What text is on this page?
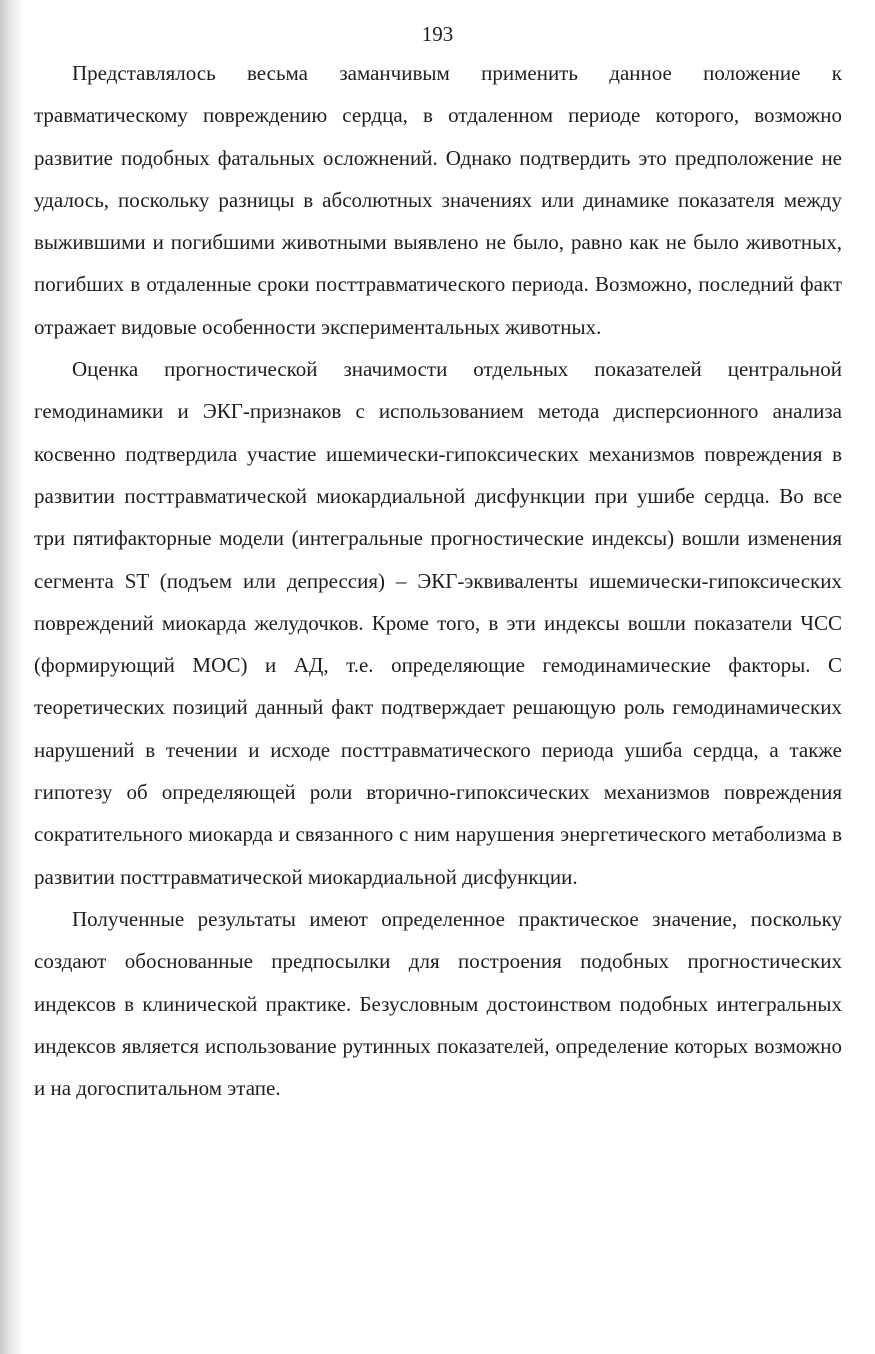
193

Представлялось весьма заманчивым применить данное положение к травматическому повреждению сердца, в отдаленном периоде которого, возможно развитие подобных фатальных осложнений. Однако подтвердить это предположение не удалось, поскольку разницы в абсолютных значениях или динамике показателя между выжившими и погибшими животными выявлено не было, равно как не было животных, погибших в отдаленные сроки посттравматического периода. Возможно, последний факт отражает видовые особенности экспериментальных животных.

Оценка прогностической значимости отдельных показателей центральной гемодинамики и ЭКГ-признаков с использованием метода дисперсионного анализа косвенно подтвердила участие ишемически-гипоксических механизмов повреждения в развитии посттравматической миокардиальной дисфункции при ушибе сердца. Во все три пятифакторные модели (интегральные прогностические индексы) вошли изменения сегмента ST (подъем или депрессия) – ЭКГ-эквиваленты ишемически-гипоксических повреждений миокарда желудочков. Кроме того, в эти индексы вошли показатели ЧСС (формирующий МОС) и АД, т.е. определяющие гемодинамические факторы. С теоретических позиций данный факт подтверждает решающую роль гемодинамических нарушений в течении и исходе посттравматического периода ушиба сердца, а также гипотезу об определяющей роли вторично-гипоксических механизмов повреждения сократительного миокарда и связанного с ним нарушения энергетического метаболизма в развитии посттравматической миокардиальной дисфункции.

Полученные результаты имеют определенное практическое значение, поскольку создают обоснованные предпосылки для построения подобных прогностических индексов в клинической практике. Безусловным достоинством подобных интегральных индексов является использование рутинных показателей, определение которых возможно и на догоспитальном этапе.
